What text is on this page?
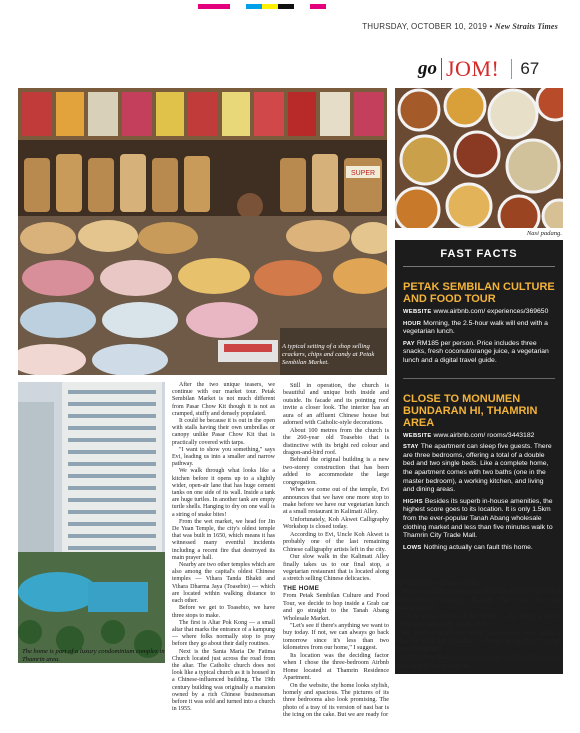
THURSDAY, OCTOBER 10, 2019 • New Straits Times
go JOM!	67
SUPER
A typical setting of a shop selling crackers, chips and candy at Petak Sembilan Market.
Nasi padang.
FAST FACTS
PETAK SEMBILAN CULTURE AND FOOD TOUR

WEBSITE www.airbnb.com/ experiences/369650

HOUR Morning, the 2.5-hour walk will end with a vegetarian lunch.

PAY RM185 per person. Price includes three snacks, fresh coconut/orange juice, a vegetarian lunch and a digital travel guide.

CLOSE TO MONUMEN BUNDARAN HI, THAMRIN AREA

WEBSITE www.airbnb.com/ rooms/3443182

STAY The apartment can sleep five guests. There are three bedrooms, offering a total of a double bed and two single beds. Like a complete home, the apartment comes with two baths (one in the master bedroom), a working kitchen, and living and dining areas.

HIGHS Besides its superb in-house amenities, the highest score goes to its location. It is only 1.5km from the ever-popular Tanah Abang wholesale clothing market and less than five minutes walk to Thamrin City Trade Mall.

LOWS Nothing actually can fault this home.

The home is part of a luxury condominium complex in Thamrin area.

After the two unique teasers, we continue with our market tour. Petak Sembilan Market is not much different from Pasar Chow Kit though it is not as cramped, stuffy and densely populated.

It could be because it is out in the open with stalls having their own umbrellas or canopy unlike Pasar Chow Kit that is practically covered with tarps.

"I want to show you something," says Evi, leading us into a smaller and narrow pathway.

We walk through what looks like a kitchen before it opens up to a slightly wider, open-air lane that has huge cement tanks on one side of its wall. Inside a tank are huge turtles. In another tank are empty turtle shells. Hanging to dry on one wall is a string of snake bites!

From the wet market, we head for Jin De Yuan Temple, the city's oldest temple that was built in 1650, which means it has witnessed many eventful incidents including a recent fire that destroyed its main prayer hall.

Nearby are two other temples which are also among the capital's oldest Chinese temples — Vihara Tanda Bhakti and Vihara Dharma Jaya (Toasebio) — which are located within walking distance to each other.

Before we get to Toasebio, we have three stops to make.

The first is Altar Pok Kong — a small altar that marks the entrance of a kampung — where folks normally stop to pray before they go about their daily routines.

Next is the Santa Maria De Fatima Church located just across the road from the altar. The Catholic church does not look like a typical church as it is housed in a Chinese-influenced building. The 19th century building was originally a mansion owned by a rich Chinese businessman before it was sold and turned into a church in 1955.

Still in operation, the church is beautiful and unique both inside and outside. Its facade and its pointing roof invite a closer look. The interior has an aura of an affluent Chinese house but adorned with Catholic-style decorations.

About 100 metres from the church is the 260-year old Toasebio that is distinctive with its bright red colour and dragon-and-bird roof.

Behind the original building is a new two-storey construction that has been added to accommodate the large congregation.

When we come out of the temple, Evi announces that we have one more stop to make before we have our vegetarian lunch at a small restaurant in Kalimati Alley.

Unfortunately, Koh Akwet Calligraphy Workshop is closed today.

According to Evi, Uncle Koh Akwet is probably one of the last remaining Chinese calligraphy artists left in the city.

Our slow walk in the Kalimati Alley finally takes us to our final stop, a vegetarian restaurant that is located along a stretch selling Chinese delicacies.

THE HOME

From Petak Sembilan Culture and Food Tour, we decide to hop inside a Grab car and go straight to the Tanah Abang Wholesale Market.

"Let's see if there's anything we want to buy today. If not, we can always go back tomorrow since it's less than two kilometres from our home," I suggest.

Its location was the deciding factor when I chose the three-bedroom Airbnb Home located at Thamrin Residence Apartment.

On the website, the home looks stylish, homely and spacious. The pictures of its three bedrooms also look promising. The photo of a tray of its version of nasi bar is the icing on the cake. But we are ready for

any surprises — photos can lie.

When we finally checked in, the home surprised us with its picture-perfect settings. Exactly like how it's been photographed!

I love every corner of the home — the living area, the rooms and especially, the kitchen.

My heart is won over when home-owner Stev asked us what we want for breakfast — bread or noodles? Hmmm, there's breakfast!

So the three packets of custard buns on the coffee-tea tray come as a pleasant surprise.
